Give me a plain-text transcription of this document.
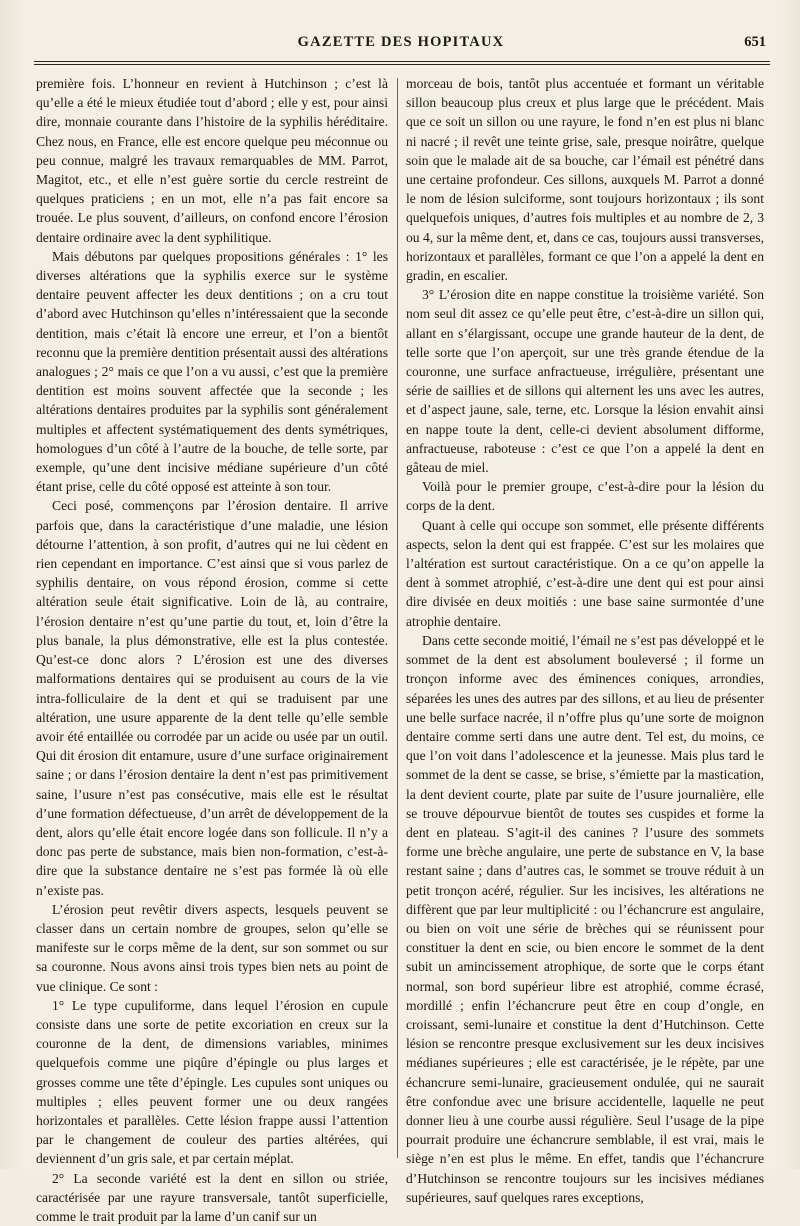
GAZETTE DES HOPITAUX	651

première fois. L’honneur en revient à Hutchinson ; c’est là qu’elle a été le mieux étudiée tout d’abord ; elle y est, pour ainsi dire, monnaie courante dans l’histoire de la syphilis héréditaire. Chez nous, en France, elle est encore quelque peu méconnue ou peu connue, malgré les travaux remarquables de MM. Parrot, Magitot, etc., et elle n’est guère sortie du cercle restreint de quelques praticiens ; en un mot, elle n’a pas fait encore sa trouée. Le plus souvent, d’ailleurs, on confond encore l’érosion dentaire ordinaire avec la dent syphilitique.

Mais débutons par quelques propositions générales : 1° les diverses altérations que la syphilis exerce sur le système dentaire peuvent affecter les deux dentitions ; on a cru tout d’abord avec Hutchinson qu’elles n’intéressaient que la seconde dentition, mais c’était là encore une erreur, et l’on a bientôt reconnu que la première dentition présentait aussi des altérations analogues ; 2° mais ce que l’on a vu aussi, c’est que la première dentition est moins souvent affectée que la seconde ; les altérations dentaires produites par la syphilis sont généralement multiples et affectent systématiquement des dents symétriques, homologues d’un côté à l’autre de la bouche, de telle sorte, par exemple, qu’une dent incisive médiane supérieure d’un côté étant prise, celle du côté opposé est atteinte à son tour.

Ceci posé, commençons par l’érosion dentaire. Il arrive parfois que, dans la caractéristique d’une maladie, une lésion détourne l’attention, à son profit, d’autres qui ne lui cèdent en rien cependant en importance. C’est ainsi que si vous parlez de syphilis dentaire, on vous répond érosion, comme si cette altération seule était significative. Loin de là, au contraire, l’érosion dentaire n’est qu’une partie du tout, et, loin d’être la plus banale, la plus démonstrative, elle est la plus contestée. Qu’est-ce donc alors ? L’érosion est une des diverses malformations dentaires qui se produisent au cours de la vie intra-folliculaire de la dent et qui se traduisent par une altération, une usure apparente de la dent telle qu’elle semble avoir été entaillée ou corrodée par un acide ou usée par un outil. Qui dit érosion dit entamure, usure d’une surface originairement saine ; or dans l’érosion dentaire la dent n’est pas primitivement saine, l’usure n’est pas consécutive, mais elle est le résultat d’une formation défectueuse, d’un arrêt de développement de la dent, alors qu’elle était encore logée dans son follicule. Il n’y a donc pas perte de substance, mais bien non-formation, c’est-à-dire que la substance dentaire ne s’est pas formée là où elle n’existe pas.

L’érosion peut revêtir divers aspects, lesquels peuvent se classer dans un certain nombre de groupes, selon qu’elle se manifeste sur le corps même de la dent, sur son sommet ou sur sa couronne. Nous avons ainsi trois types bien nets au point de vue clinique. Ce sont :

1° Le type cupuliforme, dans lequel l’érosion en cupule consiste dans une sorte de petite excoriation en creux sur la couronne de la dent, de dimensions variables, minimes quelquefois comme une piqûre d’épingle ou plus larges et grosses comme une tête d’épingle. Les cupules sont uniques ou multiples ; elles peuvent former une ou deux rangées horizontales et parallèles. Cette lésion frappe aussi l’attention par le changement de couleur des parties altérées, qui deviennent d’un gris sale, et par certain méplat.

2° La seconde variété est la dent en sillon ou striée, caractérisée par une rayure transversale, tantôt superficielle, comme le trait produit par la lame d’un canif sur un

morceau de bois, tantôt plus accentuée et formant un véritable sillon beaucoup plus creux et plus large que le précédent. Mais que ce soit un sillon ou une rayure, le fond n’en est plus ni blanc ni nacré ; il revêt une teinte grise, sale, presque noirâtre, quelque soin que le malade ait de sa bouche, car l’émail est pénétré dans une certaine profondeur. Ces sillons, auxquels M. Parrot a donné le nom de lésion sulciforme, sont toujours horizontaux ; ils sont quelquefois uniques, d’autres fois multiples et au nombre de 2, 3 ou 4, sur la même dent, et, dans ce cas, toujours aussi transverses, horizontaux et parallèles, formant ce que l’on a appelé la dent en gradin, en escalier.

3° L’érosion dite en nappe constitue la troisième variété. Son nom seul dit assez ce qu’elle peut être, c’est-à-dire un sillon qui, allant en s’élargissant, occupe une grande hauteur de la dent, de telle sorte que l’on aperçoit, sur une très grande étendue de la couronne, une surface anfractueuse, irrégulière, présentant une série de saillies et de sillons qui alternent les uns avec les autres, et d’aspect jaune, sale, terne, etc. Lorsque la lésion envahit ainsi en nappe toute la dent, celle-ci devient absolument difforme, anfractueuse, raboteuse : c’est ce que l’on a appelé la dent en gâteau de miel.

Voilà pour le premier groupe, c’est-à-dire pour la lésion du corps de la dent.

Quant à celle qui occupe son sommet, elle présente différents aspects, selon la dent qui est frappée. C’est sur les molaires que l’altération est surtout caractéristique. On a ce qu’on appelle la dent à sommet atrophié, c’est-à-dire une dent qui est pour ainsi dire divisée en deux moitiés : une base saine surmontée d’une atrophie dentaire.

Dans cette seconde moitié, l’émail ne s’est pas développé et le sommet de la dent est absolument bouleversé ; il forme un tronçon informe avec des éminences coniques, arrondies, séparées les unes des autres par des sillons, et au lieu de présenter une belle surface nacrée, il n’offre plus qu’une sorte de moignon dentaire comme serti dans une autre dent. Tel est, du moins, ce que l’on voit dans l’adolescence et la jeunesse. Mais plus tard le sommet de la dent se casse, se brise, s’émiette par la mastication, la dent devient courte, plate par suite de l’usure journalière, elle se trouve dépourvue bientôt de toutes ses cuspides et forme la dent en plateau. S’agit-il des canines ? l’usure des sommets forme une brèche angulaire, une perte de substance en V, la base restant saine ; dans d’autres cas, le sommet se trouve réduit à un petit tronçon acéré, régulier. Sur les incisives, les altérations ne diffèrent que par leur multiplicité : ou l’échancrure est angulaire, ou bien on voit une série de brèches qui se réunissent pour constituer la dent en scie, ou bien encore le sommet de la dent subit un amincissement atrophique, de sorte que le corps étant normal, son bord supérieur libre est atrophié, comme écrasé, mordillé ; enfin l’échancrure peut être en coup d’ongle, en croissant, semi-lunaire et constitue la dent d’Hutchinson. Cette lésion se rencontre presque exclusivement sur les deux incisives médianes supérieures ; elle est caractérisée, je le répète, par une échancrure semi-lunaire, gracieusement ondulée, qui ne saurait être confondue avec une brisure accidentelle, laquelle ne peut donner lieu à une courbe aussi régulière. Seul l’usage de la pipe pourrait produire une échancrure semblable, il est vrai, mais le siège n’en est plus le même. En effet, tandis que l’échancrure d’Hutchinson se rencontre toujours sur les incisives médianes supérieures, sauf quelques rares exceptions,
